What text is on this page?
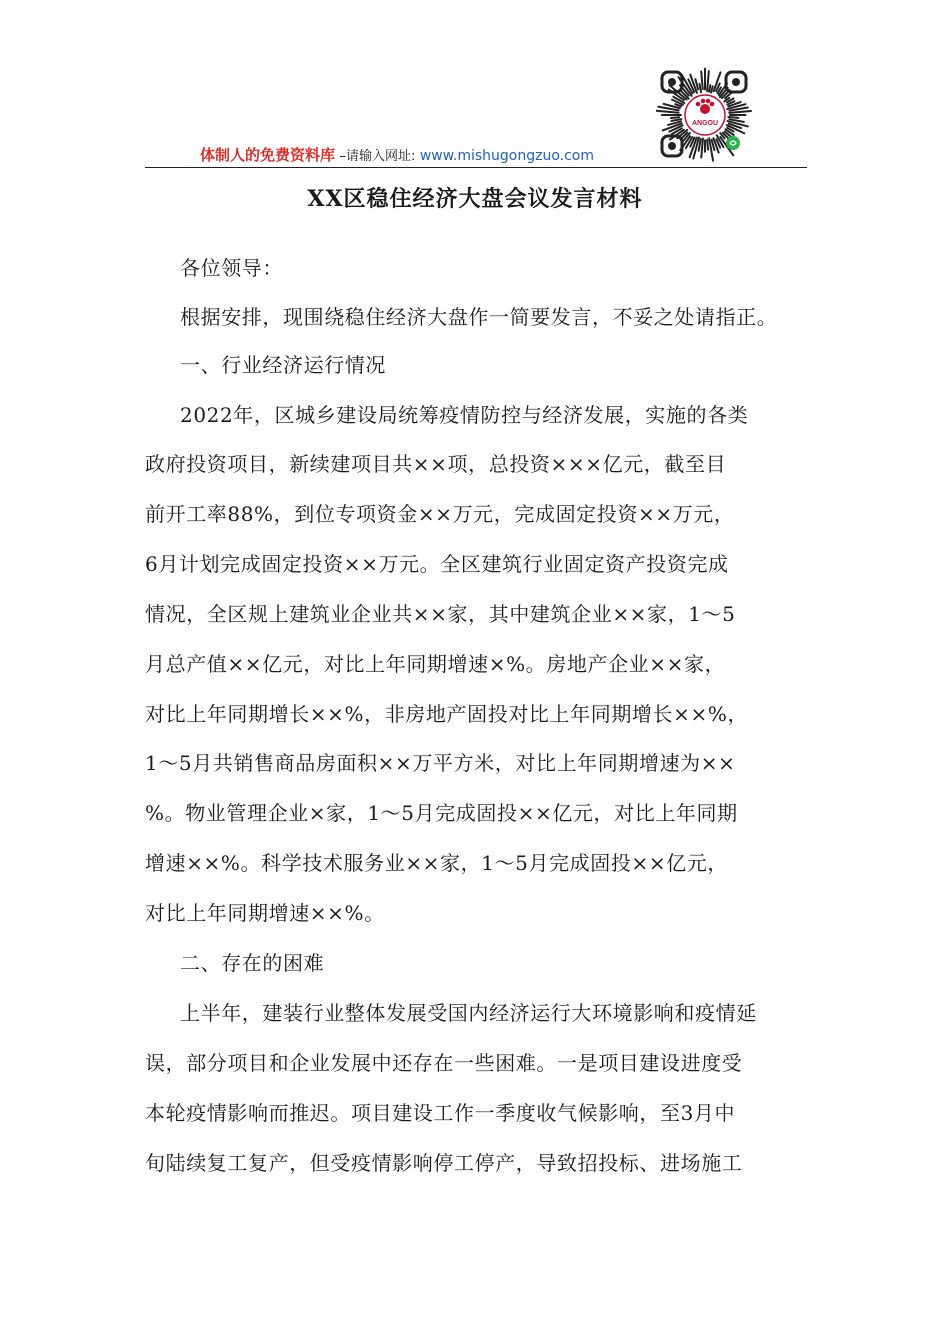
ANGOU
体制人的免费资料库 –请输入网址: www.mishugongzuo.com
XX区稳住经济大盘会议发言材料
各位领导：
根据安排，现围绕稳住经济大盘作一简要发言，不妥之处请指正。
一、行业经济运行情况
2022年，区城乡建设局统筹疫情防控与经济发展，实施的各类
政府投资项目，新续建项目共××项，总投资×××亿元，截至目
前开工率88%，到位专项资金××万元，完成固定投资××万元，
6月计划完成固定投资××万元。全区建筑行业固定资产投资完成
情况，全区规上建筑业企业共××家，其中建筑企业××家，1～5
月总产值××亿元，对比上年同期增速×%。房地产企业××家，
对比上年同期增长××%，非房地产固投对比上年同期增长××%，
1～5月共销售商品房面积××万平方米，对比上年同期增速为××
%。物业管理企业×家，1～5月完成固投××亿元，对比上年同期
增速××%。科学技术服务业××家，1～5月完成固投××亿元，
对比上年同期增速××%。
二、存在的困难
上半年，建装行业整体发展受国内经济运行大环境影响和疫情延
误，部分项目和企业发展中还存在一些困难。一是项目建设进度受
本轮疫情影响而推迟。项目建设工作一季度收气候影响，至3月中
旬陆续复工复产，但受疫情影响停工停产，导致招投标、进场施工
